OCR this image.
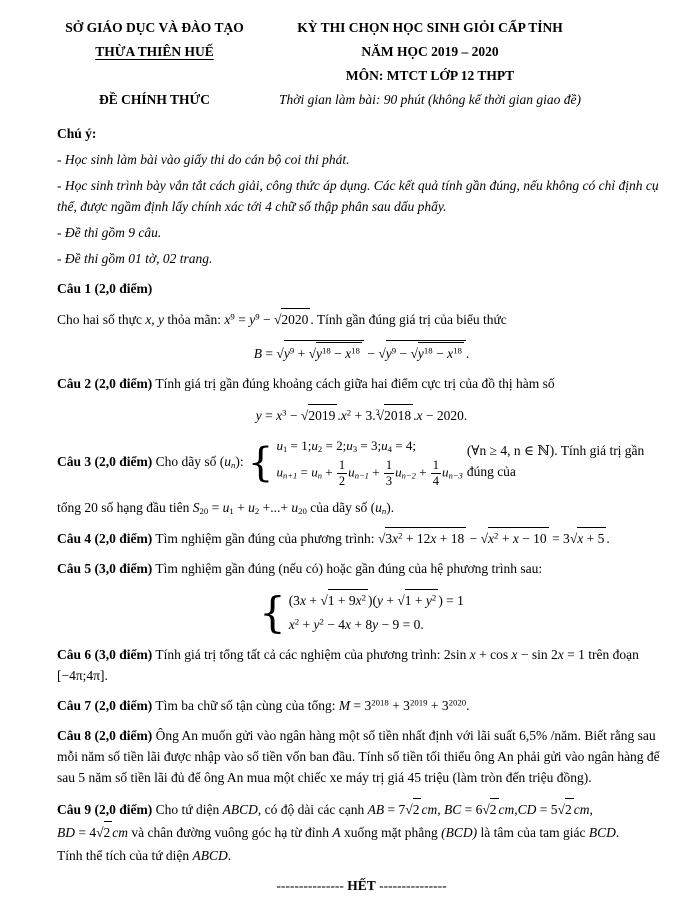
SỞ GIÁO DỤC VÀ ĐÀO TẠO
THỪA THIÊN HUẾ
ĐỀ CHÍNH THỨC
KỲ THI CHỌN HỌC SINH GIỎI CẤP TỈNH
NĂM HỌC 2019 – 2020
MÔN: MTCT LỚP 12 THPT
Thời gian làm bài: 90 phút (không kể thời gian giao đề)
Chú ý:
- Học sinh làm bài vào giấy thi do cán bộ coi thi phát.
- Học sinh trình bày vắn tắt cách giải, công thức áp dụng. Các kết quả tính gần đúng, nếu không có chỉ định cụ thể, được ngầm định lấy chính xác tới 4 chữ số thập phân sau dấu phẩy.
- Đề thi gồm 9 câu.
- Đề thi gồm 01 tờ, 02 trang.

Câu 1 (2,0 điểm)

Cho hai số thực x, y thỏa mãn: $x^9 = y^9$ − √ 2020 . Tính gần đúng giá trị của biểu thức

B = √ $y^9$ + √ $y^{18} - x^{18}$ − √ $y^9$ − √ $y^{18} - x^{18}$ .

Câu 2 (2,0 điểm) Tính giá trị gần đúng khoảng cách giữa hai điểm cực trị của đồ thị hàm số

$y = x^3$ − √ 2019 $.x^2 + 3.^3$ √ 2018 .x − 2020.
Câu 3 (2,0 điểm) Cho dãy số $(u_n)$:
{ $u_1$ = $1;u_2$ = $2;u_3$ = $3;u_4 = 4$;
$u_{n+1} = u_n + \frac{1}{2} u_{n-1} + \frac{1}{3} u_{n-2} + \frac{1}{4} u_{n-3}$
(∀n ≥ 4, n ∈ ℕ). Tính giá trị gần đúng của

tổng 20 số hạng đầu tiên $S_{20} = u_1 + u_2$ +...+ $u_{20}$ của dãy số $(u_n)$.

Câu 4 (2,0 điểm) Tìm nghiệm gần đúng của phương trình: √ $3x^2 + 12x + 18$ − √ $x^2 + x - 10 = 3$ √ x + 5 .

Câu 5 (3,0 điểm) Tìm nghiệm gần đúng (nếu có) hoặc gần đúng của hệ phương trình sau:

{ (3x + √ $1 + 9x^2$ )(y + √ $1 + y^2$ ) = 1
$x^2 + y^2 - 4x + 8y - 9 = 0$.

Câu 6 (3,0 điểm) Tính giá trị tổng tất cả các nghiệm của phương trình: 2sin x + cos x − sin 2x = 1 trên đoạn

[−4π;4π].

Câu 7 (2,0 điểm) Tìm ba chữ số tận cùng của tổng: $M = 3^{2018} + 3^{2019} + 3^{2020}$.

Câu 8 (2,0 điểm) Ông An muốn gửi vào ngân hàng một số tiền nhất định với lãi suất 6,5% /năm. Biết rằng sau mỗi năm số tiền lãi được nhập vào số tiền vốn ban đầu. Tính số tiền tối thiểu ông An phải gửi vào ngân hàng để sau 5 năm số tiền lãi đủ để ông An mua một chiếc xe máy trị giá 45 triệu (làm tròn đến triệu đồng).

Câu 9 (2,0 điểm) Cho tứ diện ABCD, có độ dài các cạnh AB = 7 √ 2 cm, BC = 6 √ 2 cm,CD = 5 √ 2 cm, BD = 4 √ 2 cm và chân đường vuông góc hạ từ đỉnh A xuống mặt phẳng (BCD) là tâm của tam giác BCD.

Tính thể tích của tứ diện ABCD.

--------------- HẾT ---------------
